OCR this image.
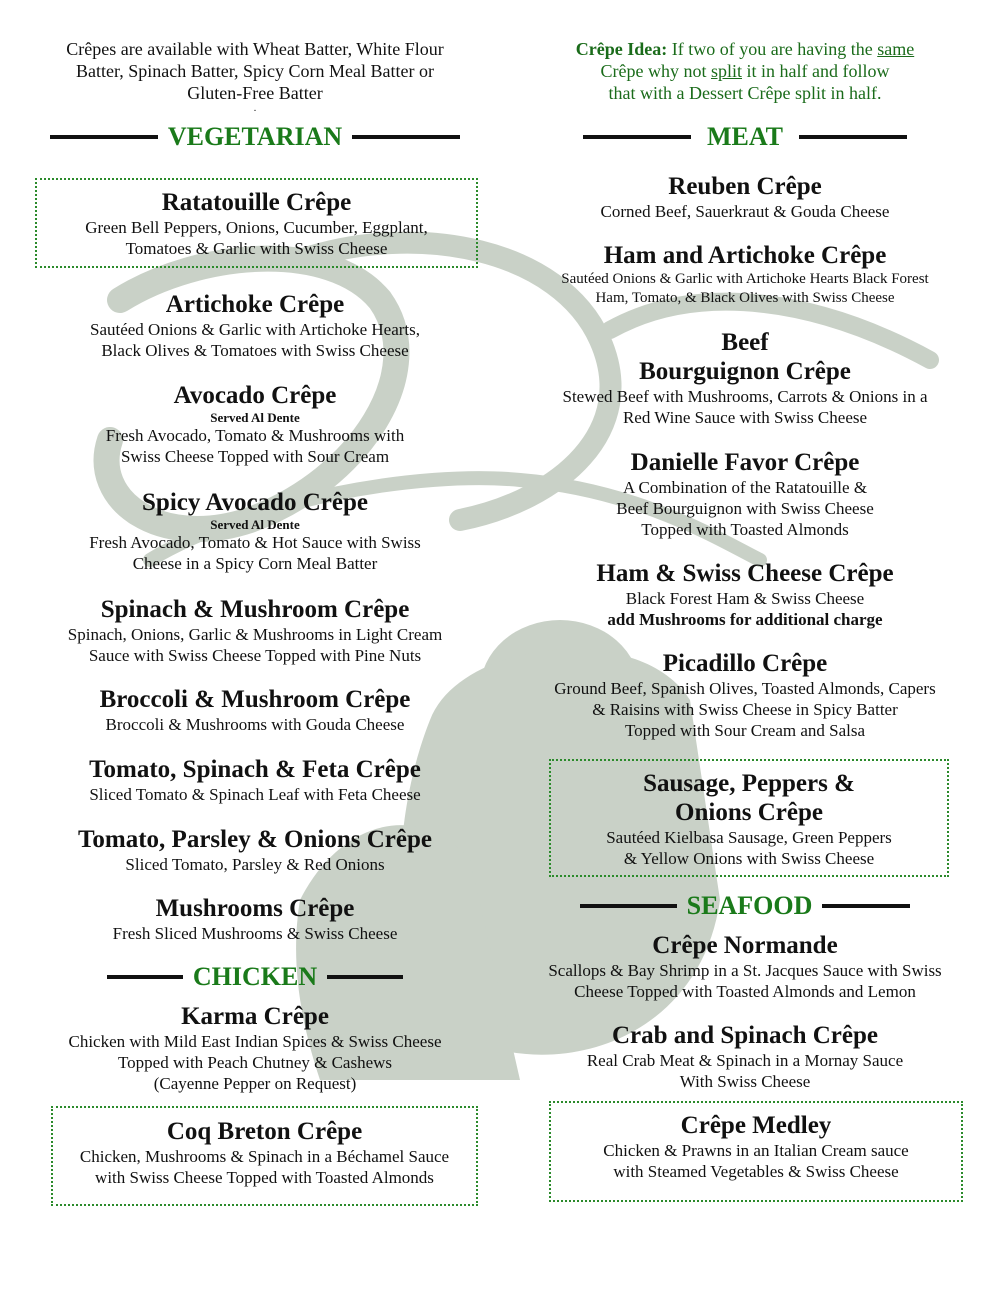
Crêpes are available with Wheat Batter, White Flour
Batter, Spinach Batter, Spicy Corn Meal Batter or
Gluten-Free Batter
.
VEGETARIAN
Ratatouille Crêpe
Green Bell Peppers, Onions, Cucumber, Eggplant,
Tomatoes & Garlic with Swiss Cheese
Artichoke Crêpe
Sautéed Onions & Garlic with Artichoke Hearts,
Black Olives & Tomatoes with Swiss Cheese
Avocado Crêpe
Served Al Dente
Fresh Avocado, Tomato & Mushrooms with
Swiss Cheese Topped with Sour Cream
Spicy Avocado Crêpe
Served Al Dente
Fresh Avocado, Tomato & Hot Sauce with Swiss
Cheese in a Spicy Corn Meal Batter
Spinach & Mushroom Crêpe
Spinach, Onions, Garlic & Mushrooms in Light Cream
Sauce with Swiss Cheese Topped with Pine Nuts
Broccoli & Mushroom Crêpe
Broccoli & Mushrooms with Gouda Cheese
Tomato, Spinach & Feta Crêpe
Sliced Tomato & Spinach Leaf with Feta Cheese
Tomato, Parsley & Onions Crêpe
Sliced Tomato, Parsley & Red Onions
Mushrooms Crêpe
Fresh Sliced Mushrooms & Swiss Cheese
CHICKEN
Karma Crêpe
Chicken with Mild East Indian Spices & Swiss Cheese
Topped with Peach Chutney & Cashews
(Cayenne Pepper on Request)
Coq Breton Crêpe
Chicken, Mushrooms & Spinach in a Béchamel Sauce
with Swiss Cheese Topped with Toasted Almonds
Crêpe Idea: If two of you are having the same
Crêpe why not split it in half and follow
that with a Dessert Crêpe split in half.
MEAT
Reuben Crêpe
Corned Beef, Sauerkraut & Gouda Cheese
Ham and Artichoke Crêpe
Sautéed Onions & Garlic with Artichoke Hearts Black Forest
Ham, Tomato, & Black Olives with Swiss Cheese
Beef
Bourguignon Crêpe
Stewed Beef with Mushrooms, Carrots & Onions in a
Red Wine Sauce with Swiss Cheese
Danielle Favor Crêpe
A Combination of the Ratatouille &
Beef Bourguignon with Swiss Cheese
Topped with Toasted Almonds
Ham & Swiss Cheese Crêpe
Black Forest Ham & Swiss Cheese
add Mushrooms for additional charge
Picadillo Crêpe
Ground Beef, Spanish Olives, Toasted Almonds, Capers
& Raisins with Swiss Cheese in Spicy Batter
Topped with Sour Cream and Salsa
Sausage, Peppers &
Onions Crêpe
Sautéed Kielbasa Sausage, Green Peppers
& Yellow Onions with Swiss Cheese
SEAFOOD
Crêpe Normande
Scallops & Bay Shrimp in a St. Jacques Sauce with Swiss
Cheese Topped with Toasted Almonds and Lemon
Crab and Spinach Crêpe
Real Crab Meat & Spinach in a Mornay Sauce
With Swiss Cheese
Crêpe Medley
Chicken & Prawns in an Italian Cream sauce
with Steamed Vegetables & Swiss Cheese
